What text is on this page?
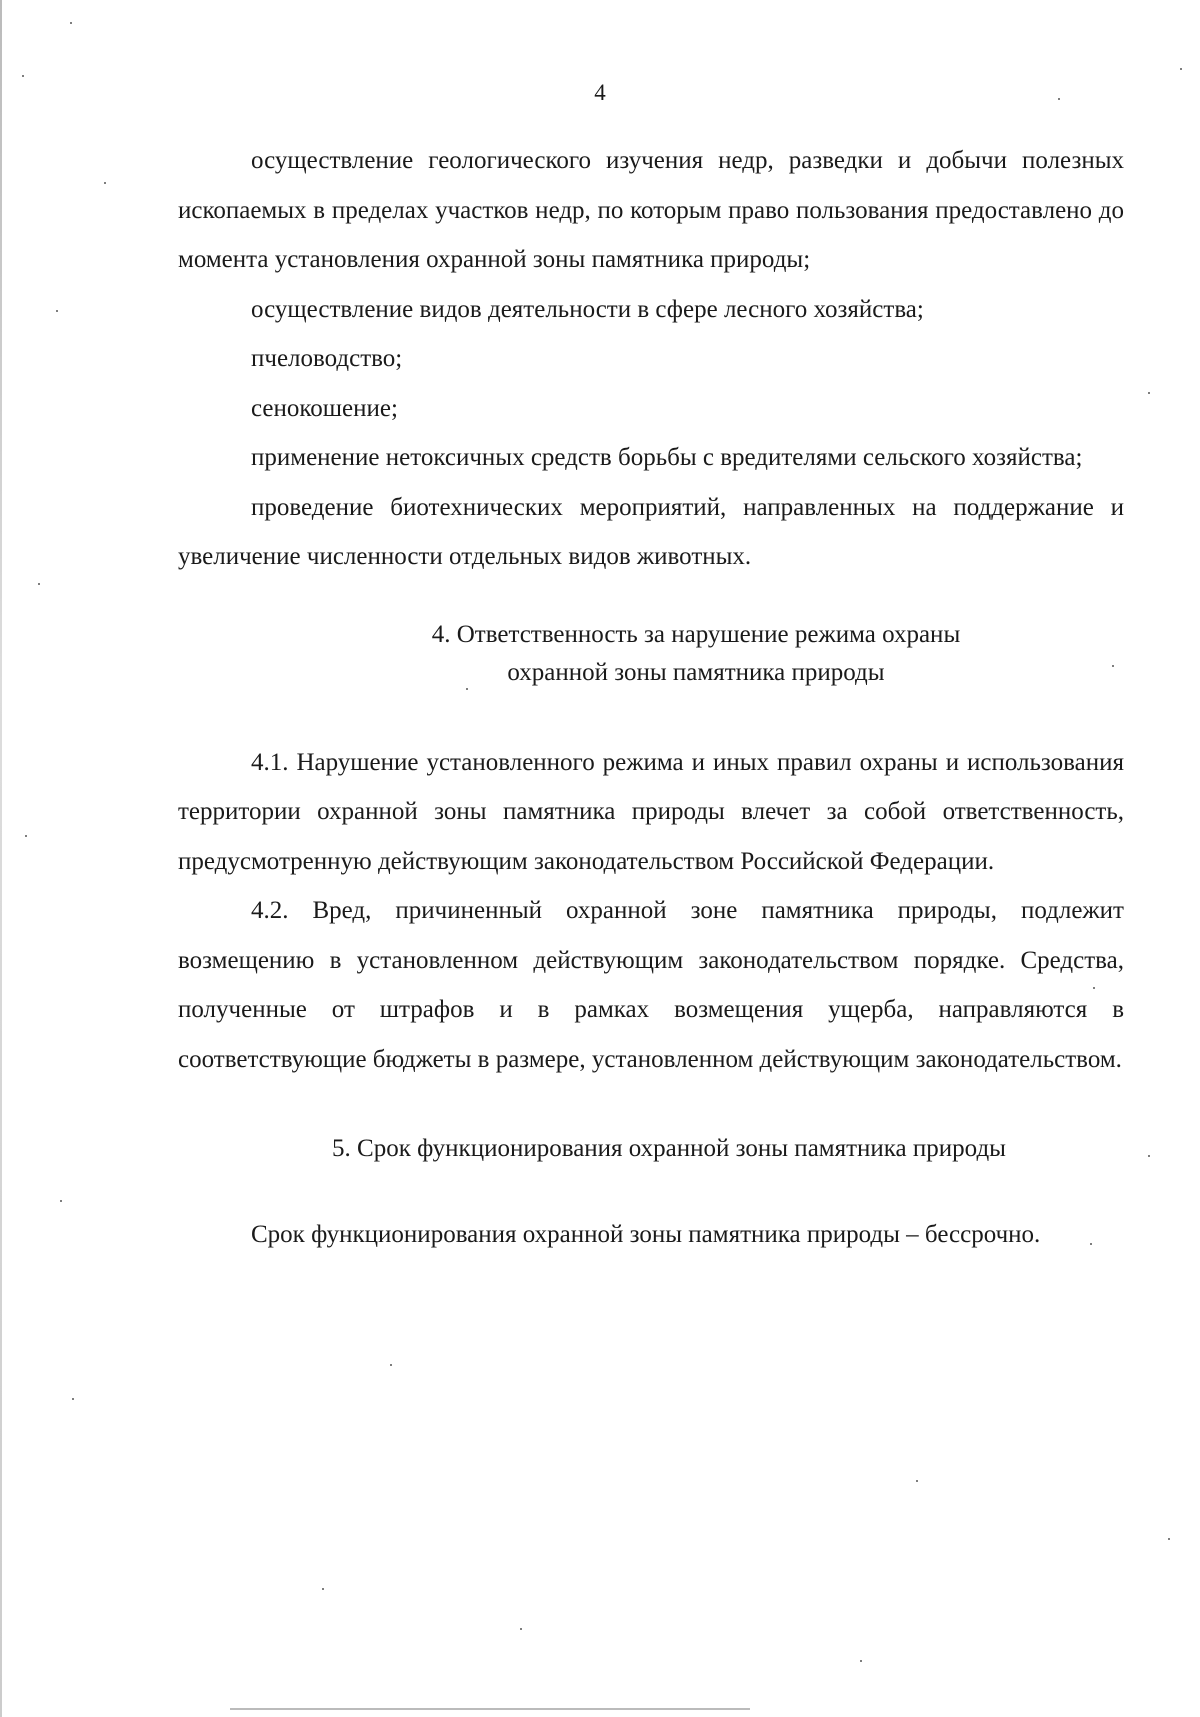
4

осуществление геологического изучения недр, разведки и добычи полезных ископаемых в пределах участков недр, по которым право пользования предоставлено до момента установления охранной зоны памятника природы;

осуществление видов деятельности в сфере лесного хозяйства;

пчеловодство;

сенокошение;

применение нетоксичных средств борьбы с вредителями сельского хозяйства;

проведение биотехнических мероприятий, направленных на поддержание и увеличение численности отдельных видов животных.

4. Ответственность за нарушение режима охраны
охранной зоны памятника природы

4.1. Нарушение установленного режима и иных правил охраны и использования территории охранной зоны памятника природы влечет за собой ответственность, предусмотренную действующим законодательством Российской Федерации.

4.2. Вред, причиненный охранной зоне памятника природы, подлежит возмещению в установленном действующим законодательством порядке. Средства, полученные от штрафов и в рамках возмещения ущерба, направляются в соответствующие бюджеты в размере, установленном действующим законодательством.

5. Срок функционирования охранной зоны памятника природы

Срок функционирования охранной зоны памятника природы – бессрочно.
